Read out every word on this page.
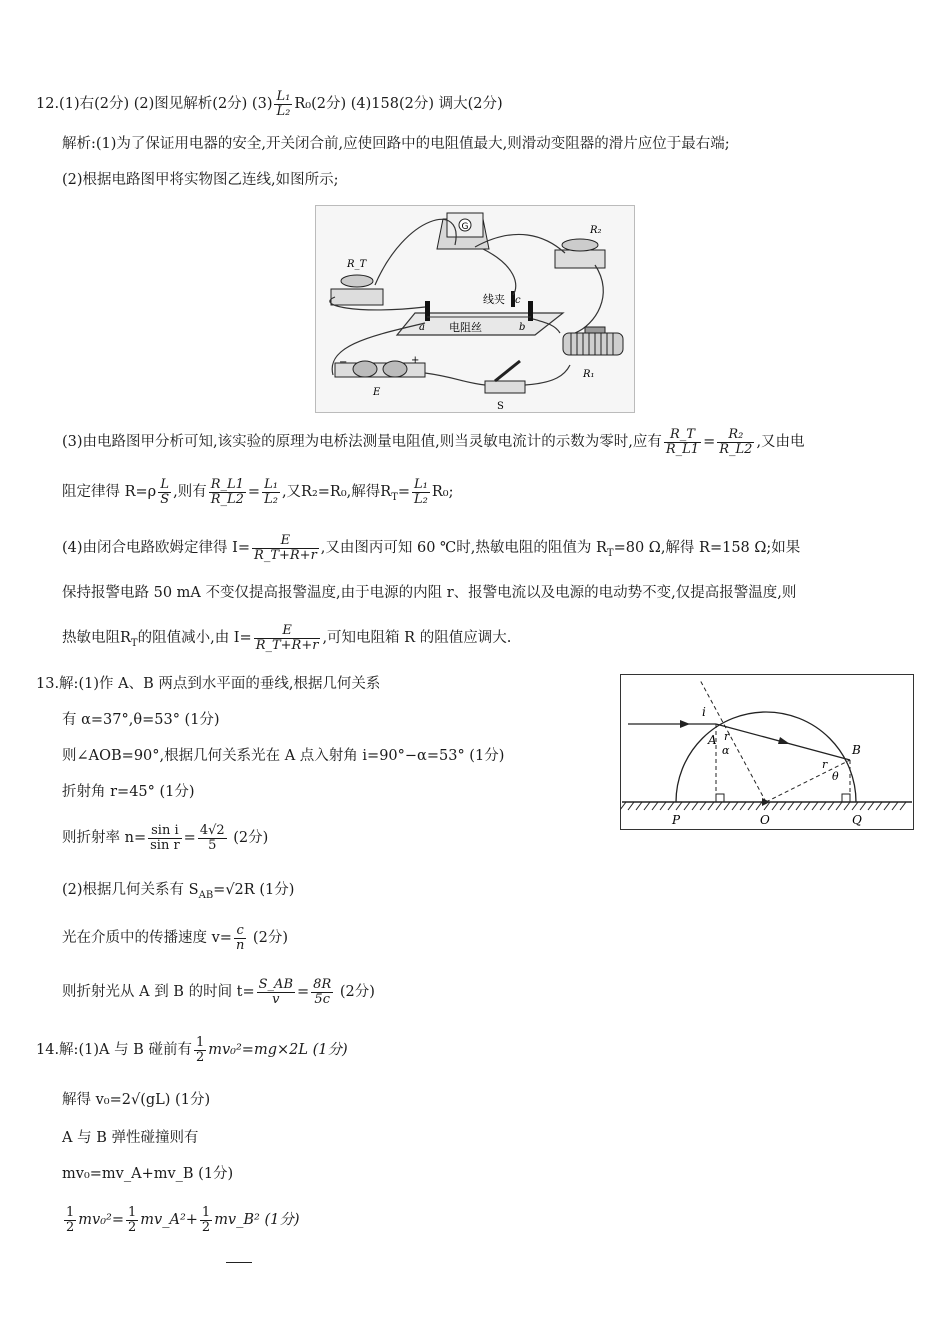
12.(1)右(2分) (2)图见解析(2分) $(3) \frac{\text{L₁}}{\text{L₂}} R_0(2$分) (4)158(2分) 调大(2分)
解析:(1)为了保证用电器的安全,开关闭合前,应使回路中的电阻值最大,则滑动变阻器的滑片应位于最右端;
(2)根据电路图甲将实物图乙连线,如图所示;
G	R₂
R_T
−	+
E
S
R₁
线夹 c
a	b
电阻丝
(3)由电路图甲分析可知,该实验的原理为电桥法测量电阻值,则当灵敏电流计的示数为零时,应有 $\frac{R\_T}{R\_L1} = \frac{\text{R₂}}{R\_L2}$ ,又由电
阻定律得 $R=\rho \frac{L}{S}$ ,则有 $\frac{R\_L1}{R\_L2} = \frac{\text{L₁}}{\text{L₂}}$ ,又R₂=R₀,解得$R_T= \frac{\text{L₁}}{\text{L₂}} R_0$;
(4)由闭合电路欧姆定律得 $I= \frac{E}{R\_T+R+r}$ ,又由图丙可知 60 ℃时,热敏电阻的阻值为 $R_T=80$ Ω,解得 R=158 Ω;如果
保持报警电路 50 mA 不变仅提高报警温度,由于电源的内阻 r、报警电流以及电源的电动势不变,仅提高报警温度,则
热敏电阻$R_T$的阻值减小,由 $I= \frac{E}{R\_T+R+r}$ ,可知电阻箱 R 的阻值应调大.
13.解:(1)作 A、B 两点到水平面的垂线,根据几何关系
有 α=37°,θ=53° (1分)
则∠AOB=90°,根据几何关系光在 A 点入射角 i=90°−α=53° (1分)
折射角 r=45° (1分)
则折射率 $n= \frac{\text{sin i}}{\text{sin r}} = \frac{4√2}{5} (2$分)
(2)根据几何关系有 $S_{AB}=√2R$ (1分)
光在介质中的传播速度 $v= \frac{c}{n} (2$分)
则折射光从 A 到 B 的时间 $t= \frac{S\_AB}{v} = \frac{8R}{5c} (2$分)
i
A r
α	B
r
θ
P	O	Q
14.解:(1)A 与 B 碰前有 $\frac{1}{2} mv_0^2=mg\times 2L$ (1分)
解得 v₀=2√(gL) (1分)
A 与 B 弹性碰撞则有
mv₀=mv_A+mv_B (1分)
$\frac{1}{2} mv_0^2= \frac{1}{2}$ mv_A²+ $\frac{1}{2}$ mv_B² (1分)
